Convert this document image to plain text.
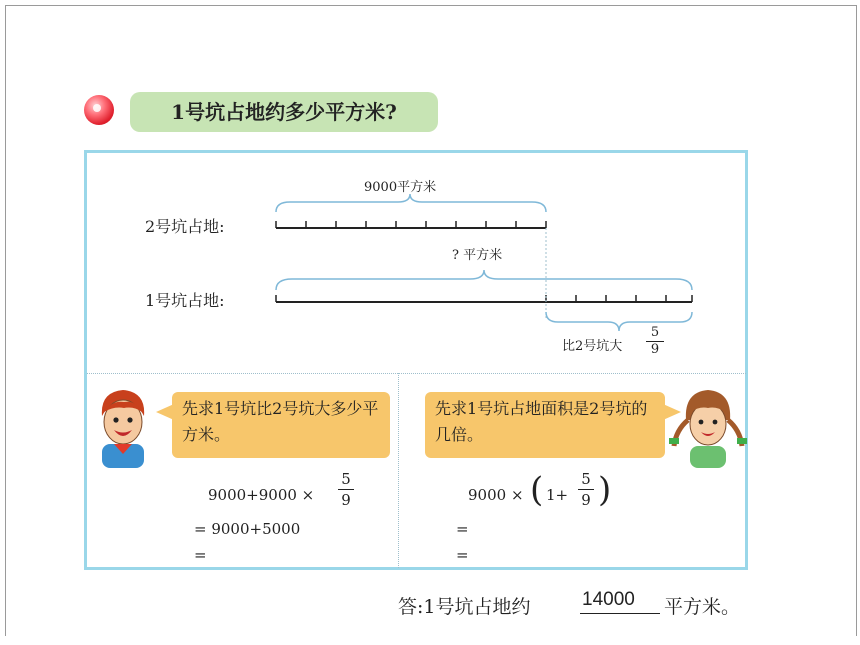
1号坑占地约多少平方米?
2号坑占地:
1号坑占地:
9000平方米
? 平方米
比2号坑大
5
9
先求1号坑比2号坑大多少平方米。
先求1号坑占地面积是2号坑的几倍。
9000+9000 ×
5
9
= 9000+5000
=
9000 × ( 1+
5
9 )
=
=
答:1号坑占地约	14000 平方米。
